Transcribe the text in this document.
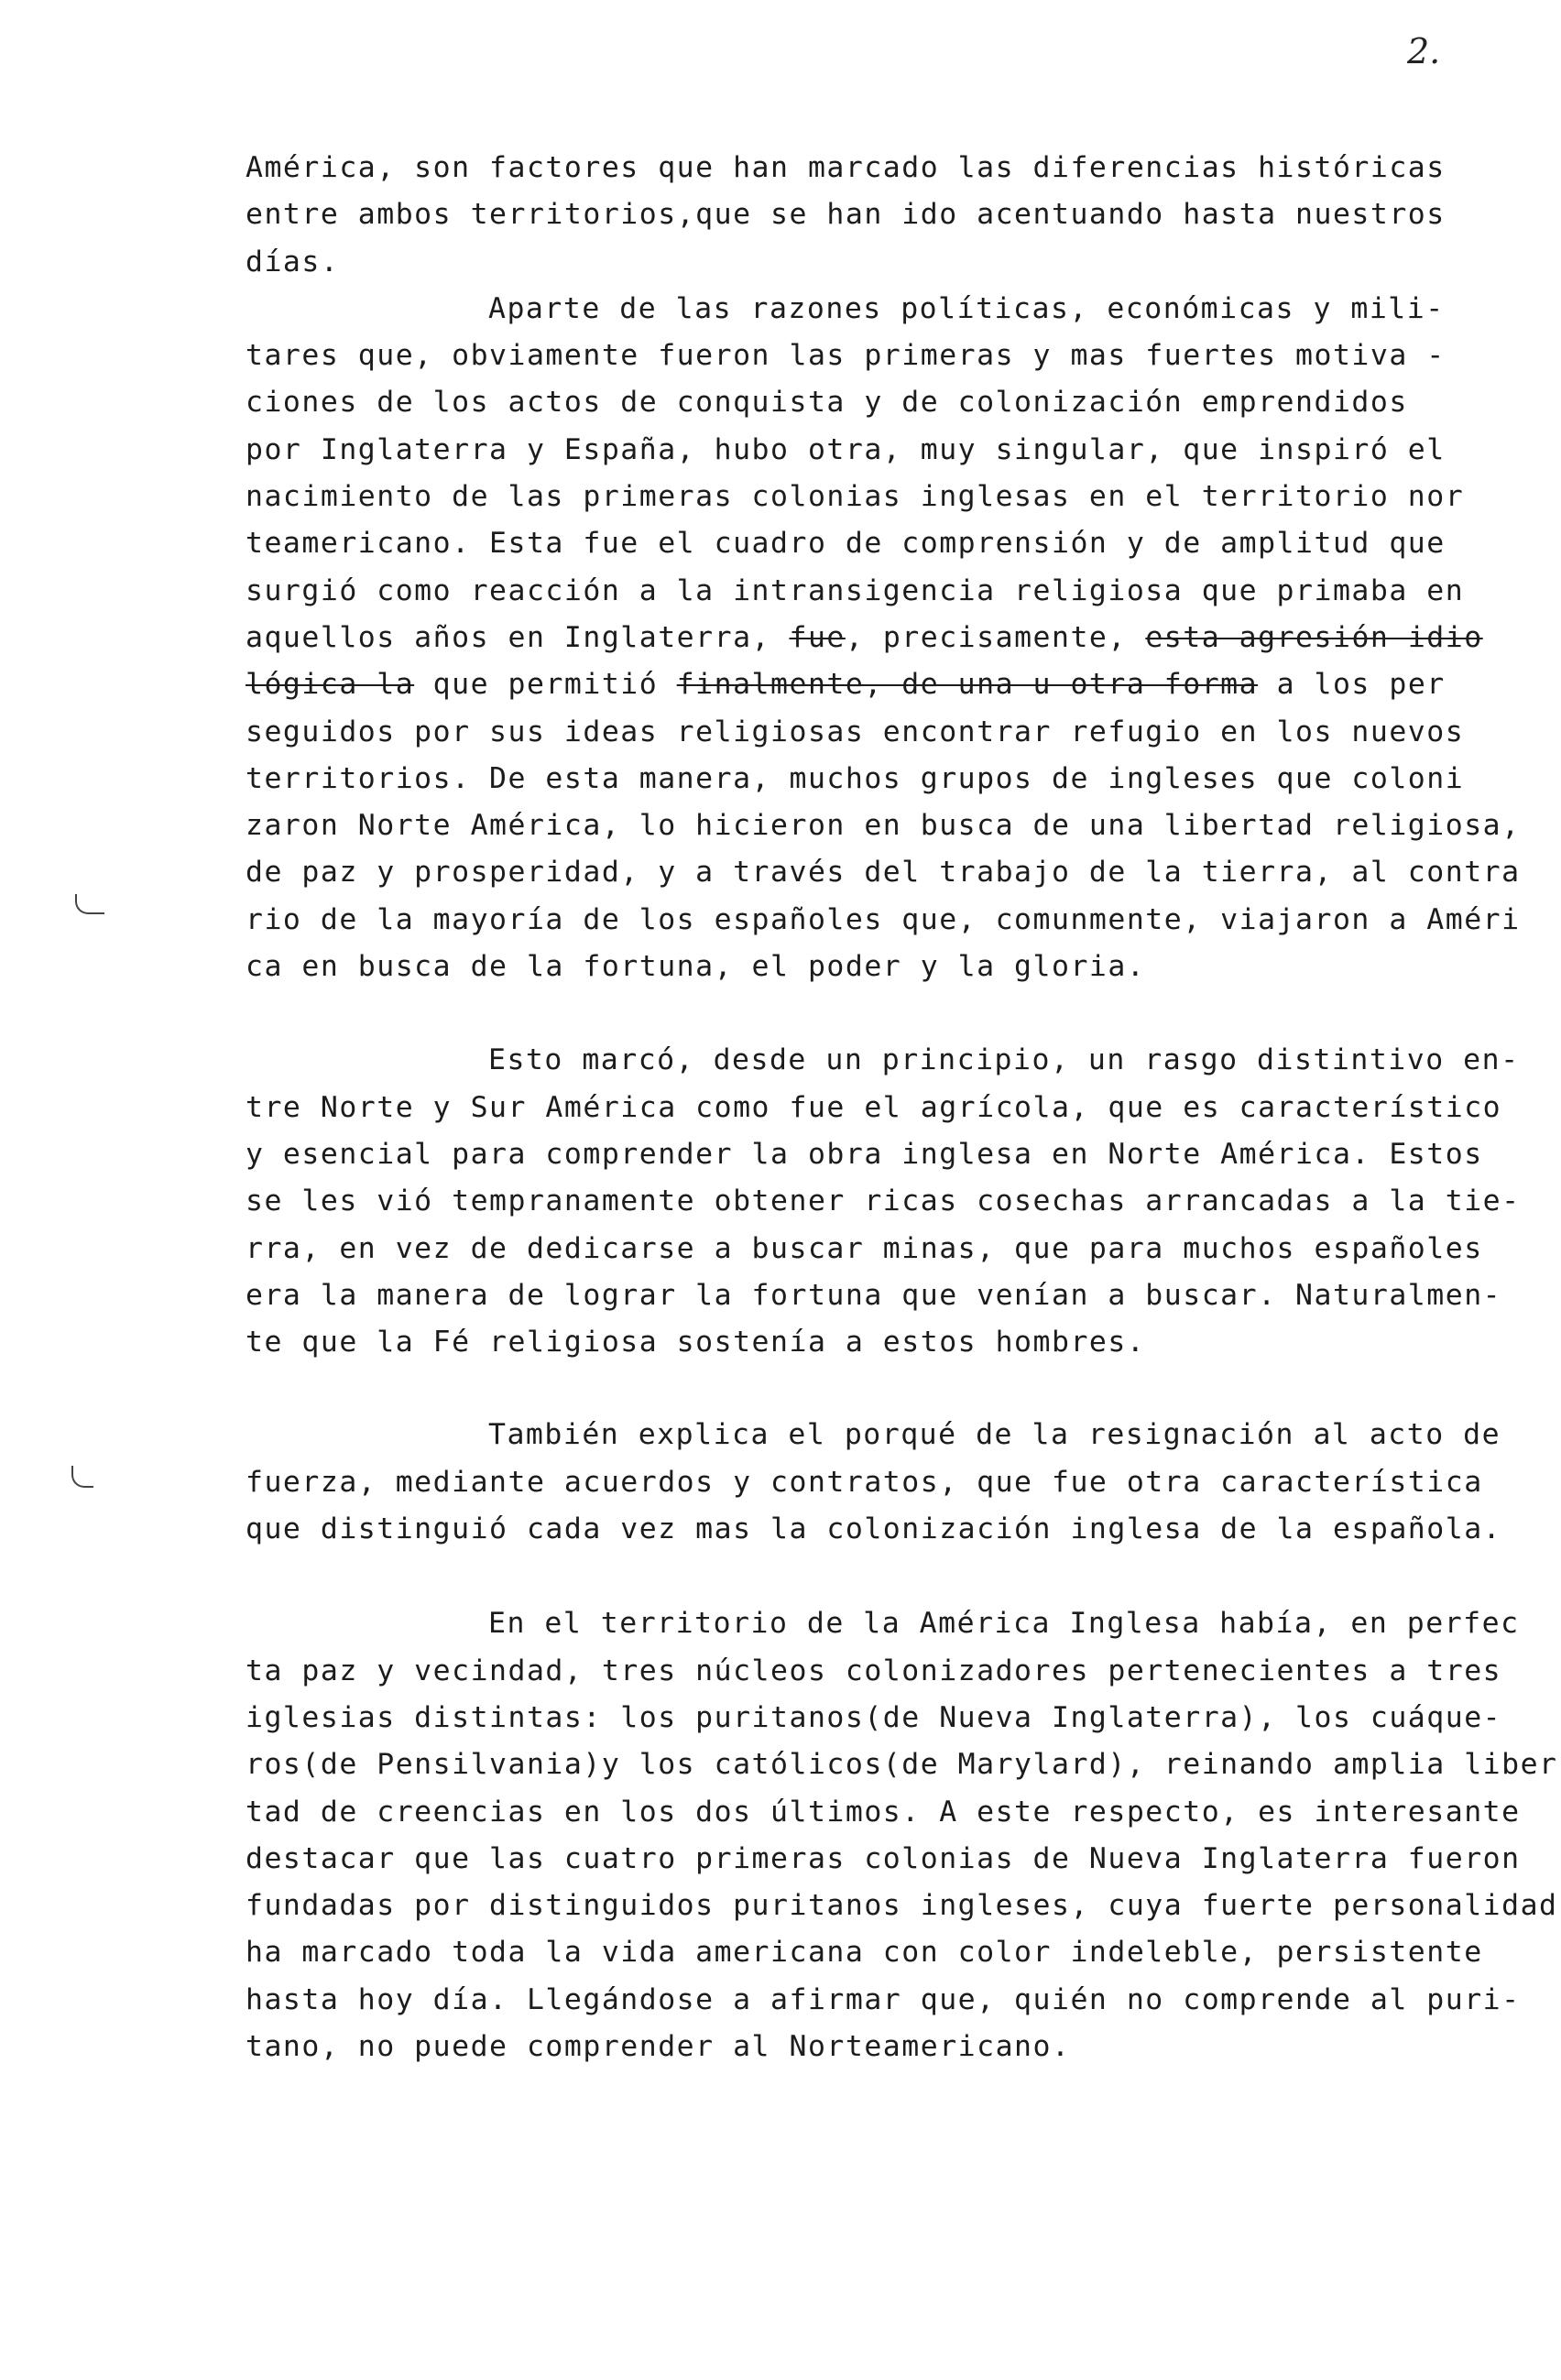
2.
América, son factores que han marcado las diferencias históricas
entre ambos territorios,que se han ido acentuando hasta nuestros
días.
Aparte de las razones políticas, económicas y mili-
tares que, obviamente fueron las primeras y mas fuertes motiva -
ciones de los actos de conquista y de colonización emprendidos
por Inglaterra y España, hubo otra, muy singular, que inspiró el
nacimiento de las primeras colonias inglesas en el territorio nor
teamericano. Esta fue el cuadro de comprensión y de amplitud que
surgió como reacción a la intransigencia religiosa que primaba en
aquellos años en Inglaterra, fue, precisamente, esta agresión idio
lógica la que permitió finalmente, de una u otra forma a los per
seguidos por sus ideas religiosas encontrar refugio en los nuevos
territorios. De esta manera, muchos grupos de ingleses que coloni
zaron Norte América, lo hicieron en busca de una libertad religiosa,
de paz y prosperidad, y a través del trabajo de la tierra, al contra
rio de la mayoría de los españoles que, comunmente, viajaron a Améri
ca en busca de la fortuna, el poder y la gloria.
Esto marcó, desde un principio, un rasgo distintivo en-
tre Norte y Sur América como fue el agrícola, que es característico
y esencial para comprender la obra inglesa en Norte América. Estos
se les vió tempranamente obtener ricas cosechas arrancadas a la tie-
rra, en vez de dedicarse a buscar minas, que para muchos españoles
era la manera de lograr la fortuna que venían a buscar. Naturalmen-
te que la Fé religiosa sostenía a estos hombres.
También explica el porqué de la resignación al acto de
fuerza, mediante acuerdos y contratos, que fue otra característica
que distinguió cada vez mas la colonización inglesa de la española.
En el territorio de la América Inglesa había, en perfec
ta paz y vecindad, tres núcleos colonizadores pertenecientes a tres
iglesias distintas: los puritanos(de Nueva Inglaterra), los cuáque-
ros(de Pensilvania)y los católicos(de Marylard), reinando amplia liber
tad de creencias en los dos últimos. A este respecto, es interesante
destacar que las cuatro primeras colonias de Nueva Inglaterra fueron
fundadas por distinguidos puritanos ingleses, cuya fuerte personalidad
ha marcado toda la vida americana con color indeleble, persistente
hasta hoy día. Llegándose a afirmar que, quién no comprende al puri-
tano, no puede comprender al Norteamericano.
